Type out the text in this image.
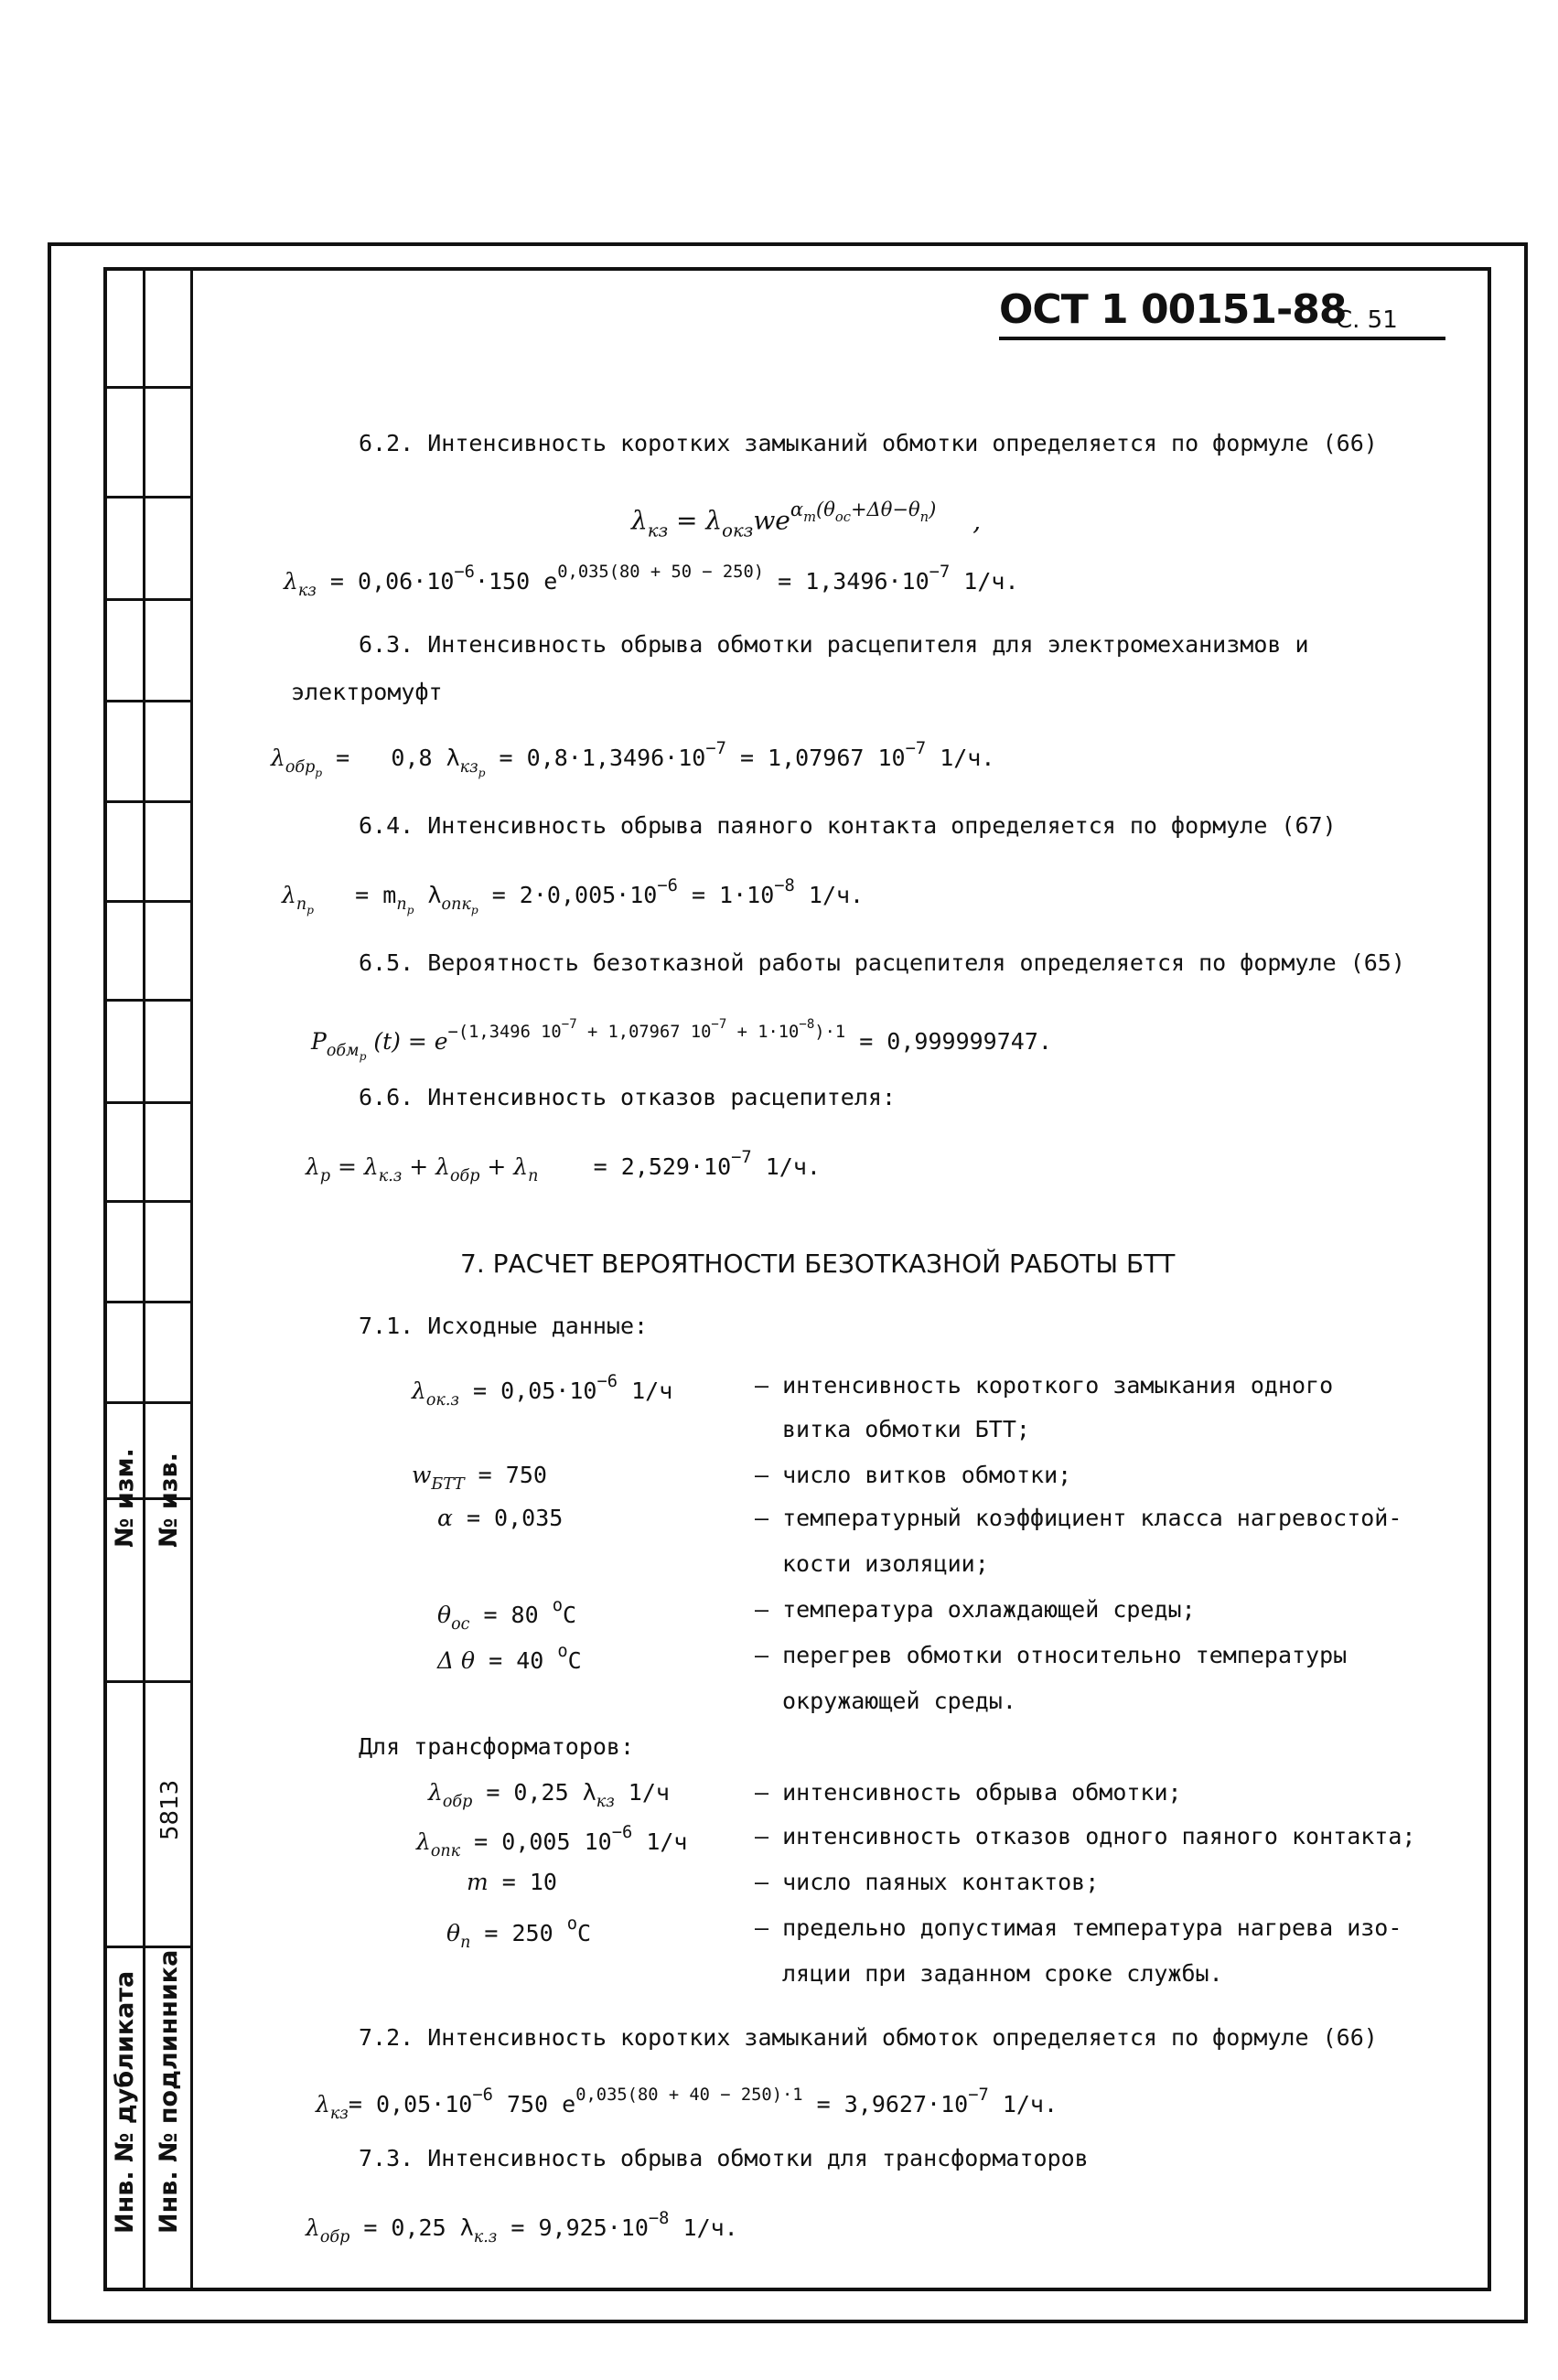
№ изм. № изв.
5813
Инв. № дубликата Инв. № подлинника
ОСТ 1 00151-88
С. 51
6.2. Интенсивность коротких замыканий обмотки определяется по формуле (66)
$\lambda_{кз} = \lambda_{окз}we^{\alpha_т(\theta_{ос}+\Delta\theta-\theta_п)}$ ,
$\lambda_{кз} = 0,06\cdot 10^{-6}\cdot 150$ $e^{0,035(80 + 50 - 250)} = 1,3496\cdot 10^{-7}$ 1/ч.
6.3. Интенсивность обрыва обмотки расцепителя для электромеханизмов и
электромуфт
$\lambda_{обр_р} = 0,8$ $\lambda_{кз_р} = 0,8\cdot 1,3496\cdot 10^{-7} = 1,07967$ $10^{-7}$ 1/ч.
6.4. Интенсивность обрыва паяного контакта определяется по формуле (67)
$\lambda_{п_р} = m_{п_р}$ $\lambda_{опк_р} = 2\cdot 0,005\cdot 10^{-6} = 1\cdot 10^{-8}$ 1/ч.
6.5. Вероятность безотказной работы расцепителя определяется по формуле (65)
$P_{обм_р}$ $(t) = e^{-(1,3496 10^{-7} + 1,07967 10^{-7} + 1\cdot 10^{-8})\cdot 1} = 0,999999747$.
6.6. Интенсивность отказов расцепителя:
$\lambda_р = \lambda_{к.з} + \lambda_{обр} + \lambda_п = 2,529\cdot 10^{-7}$ 1/ч.
7. РАСЧЕТ ВЕРОЯТНОСТИ БЕЗОТКАЗНОЙ РАБОТЫ БТТ
7.1. Исходные данные:
$\lambda_{ок.з} = 0,05\cdot 10^{-6}$ 1/ч	– интенсивность короткого замыкания одного
витка обмотки БТТ;
$w_{БТТ} = 750$	– число витков обмотки;
α = 0,035	– температурный коэффициент класса нагревостой-
кости изоляции;
$\theta_{ос} = 80$ $^o$С	– температура охлаждающей среды;
Δ θ = 40 $^o$С	– перегрев обмотки относительно температуры
окружающей среды.
Для трансформаторов:
$\lambda_{обр} = 0,25$ $\lambda_{кз}$ 1/ч	– интенсивность обрыва обмотки;
$\lambda_{опк} = 0,005$ $10^{-6}$ 1/ч	– интенсивность отказов одного паяного контакта;
m = 10	– число паяных контактов;
$\theta_п = 250$ $^o$С	– предельно допустимая температура нагрева изо-
ляции при заданном сроке службы.
7.2. Интенсивность коротких замыканий обмоток определяется по формуле (66)
$\lambda_{кз}= 0,05\cdot 10^{-6}$ 750 $e^{0,035(80 + 40 - 250)\cdot 1} = 3,9627\cdot 10^{-7}$ 1/ч.
7.3. Интенсивность обрыва обмотки для трансформаторов
$\lambda_{обр} = 0,25$ $\lambda_{к.з} = 9,925\cdot 10^{-8}$ 1/ч.
